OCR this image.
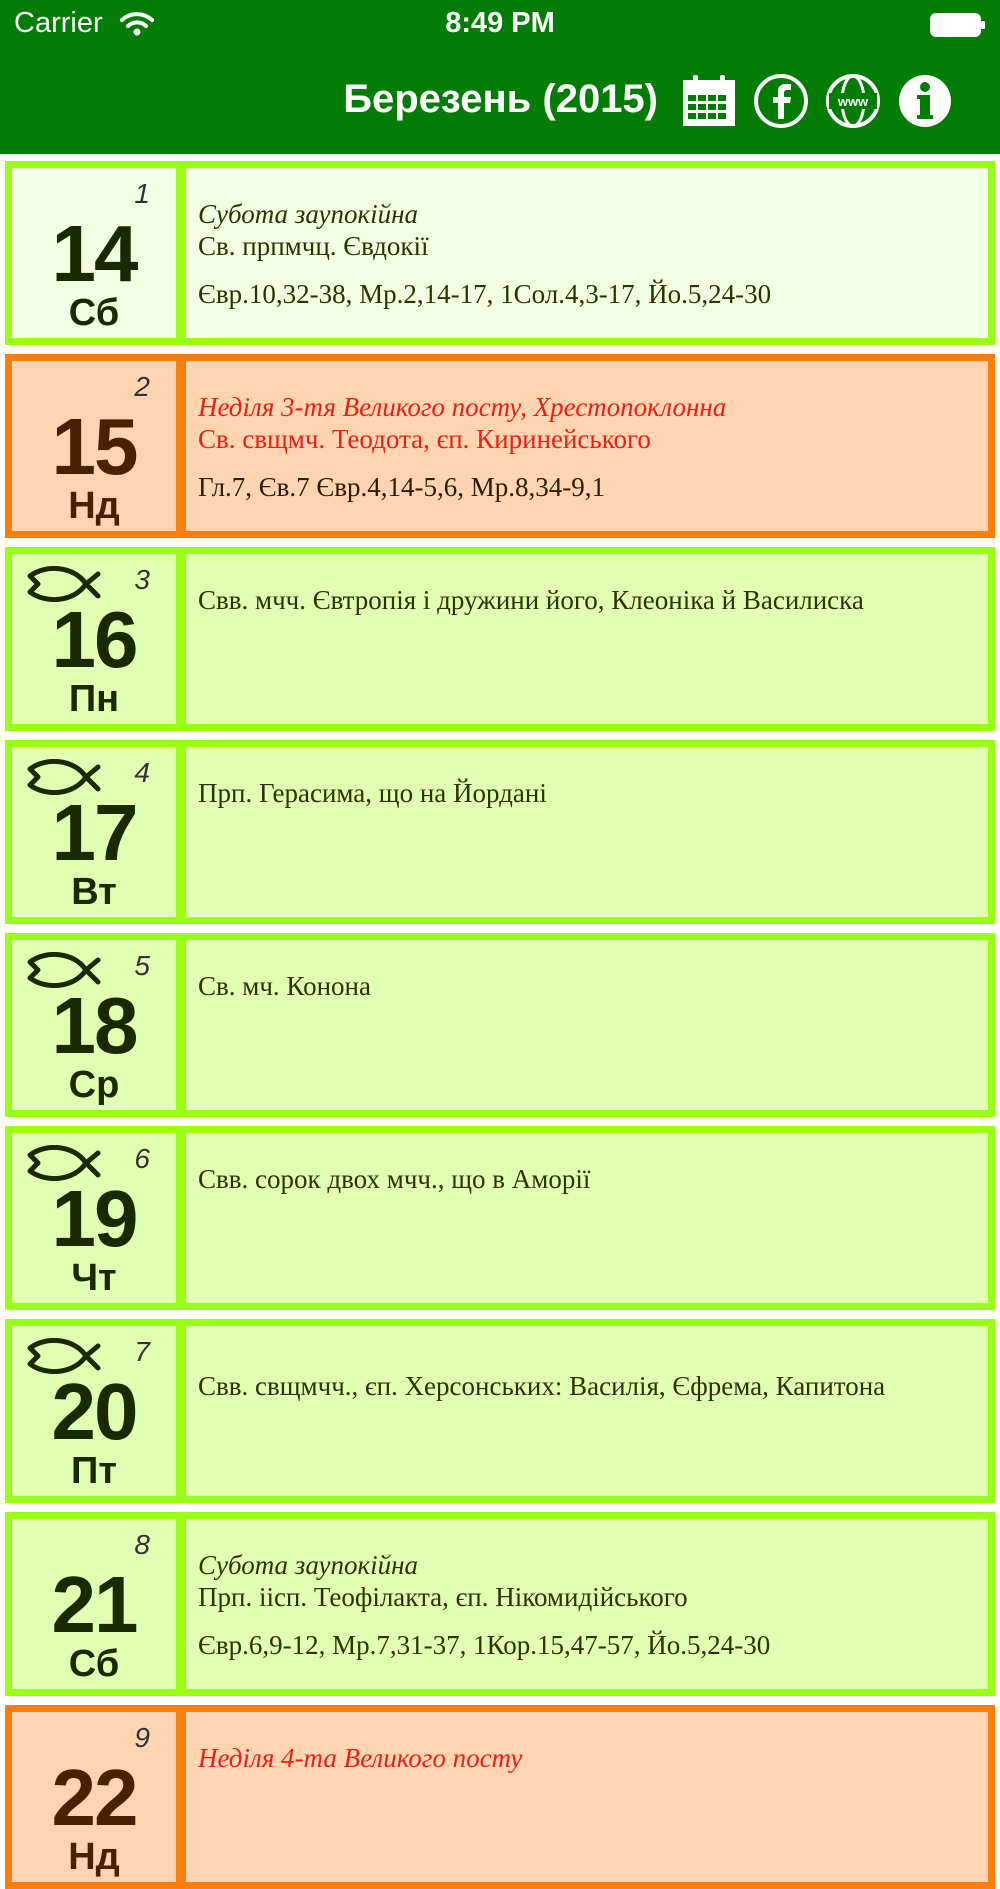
Carrier	8:49 PM
Березень (2015)	www
1
14
Сб
Субота заупокійна
Св. прпмчц. Євдокії
Євр.10,32-38, Мр.2,14-17, 1Сол.4,3-17, Йо.5,24-30
2
15
Нд
Неділя 3-тя Великого посту, Хрестопоклонна
Св. свщмч. Теодота, єп. Киринейського
Гл.7, Єв.7 Євр.4,14-5,6, Мр.8,34-9,1
3
16
Пн
Свв. мчч. Євтропія і дружини його, Клеоніка й Василиска
4
17
Вт
Прп. Герасима, що на Йордані
5
18
Ср
Св. мч. Конона
6
19
Чт
Свв. сорок двох мчч., що в Аморії
7
20
Пт
Свв. свщмчч., єп. Херсонських: Василія, Єфрема, Капитона
8
21
Сб
Субота заупокійна
Прп. іісп. Теофілакта, єп. Нікомидійського
Євр.6,9-12, Мр.7,31-37, 1Кор.15,47-57, Йо.5,24-30
9
22
Нд
Неділя 4-та Великого посту
